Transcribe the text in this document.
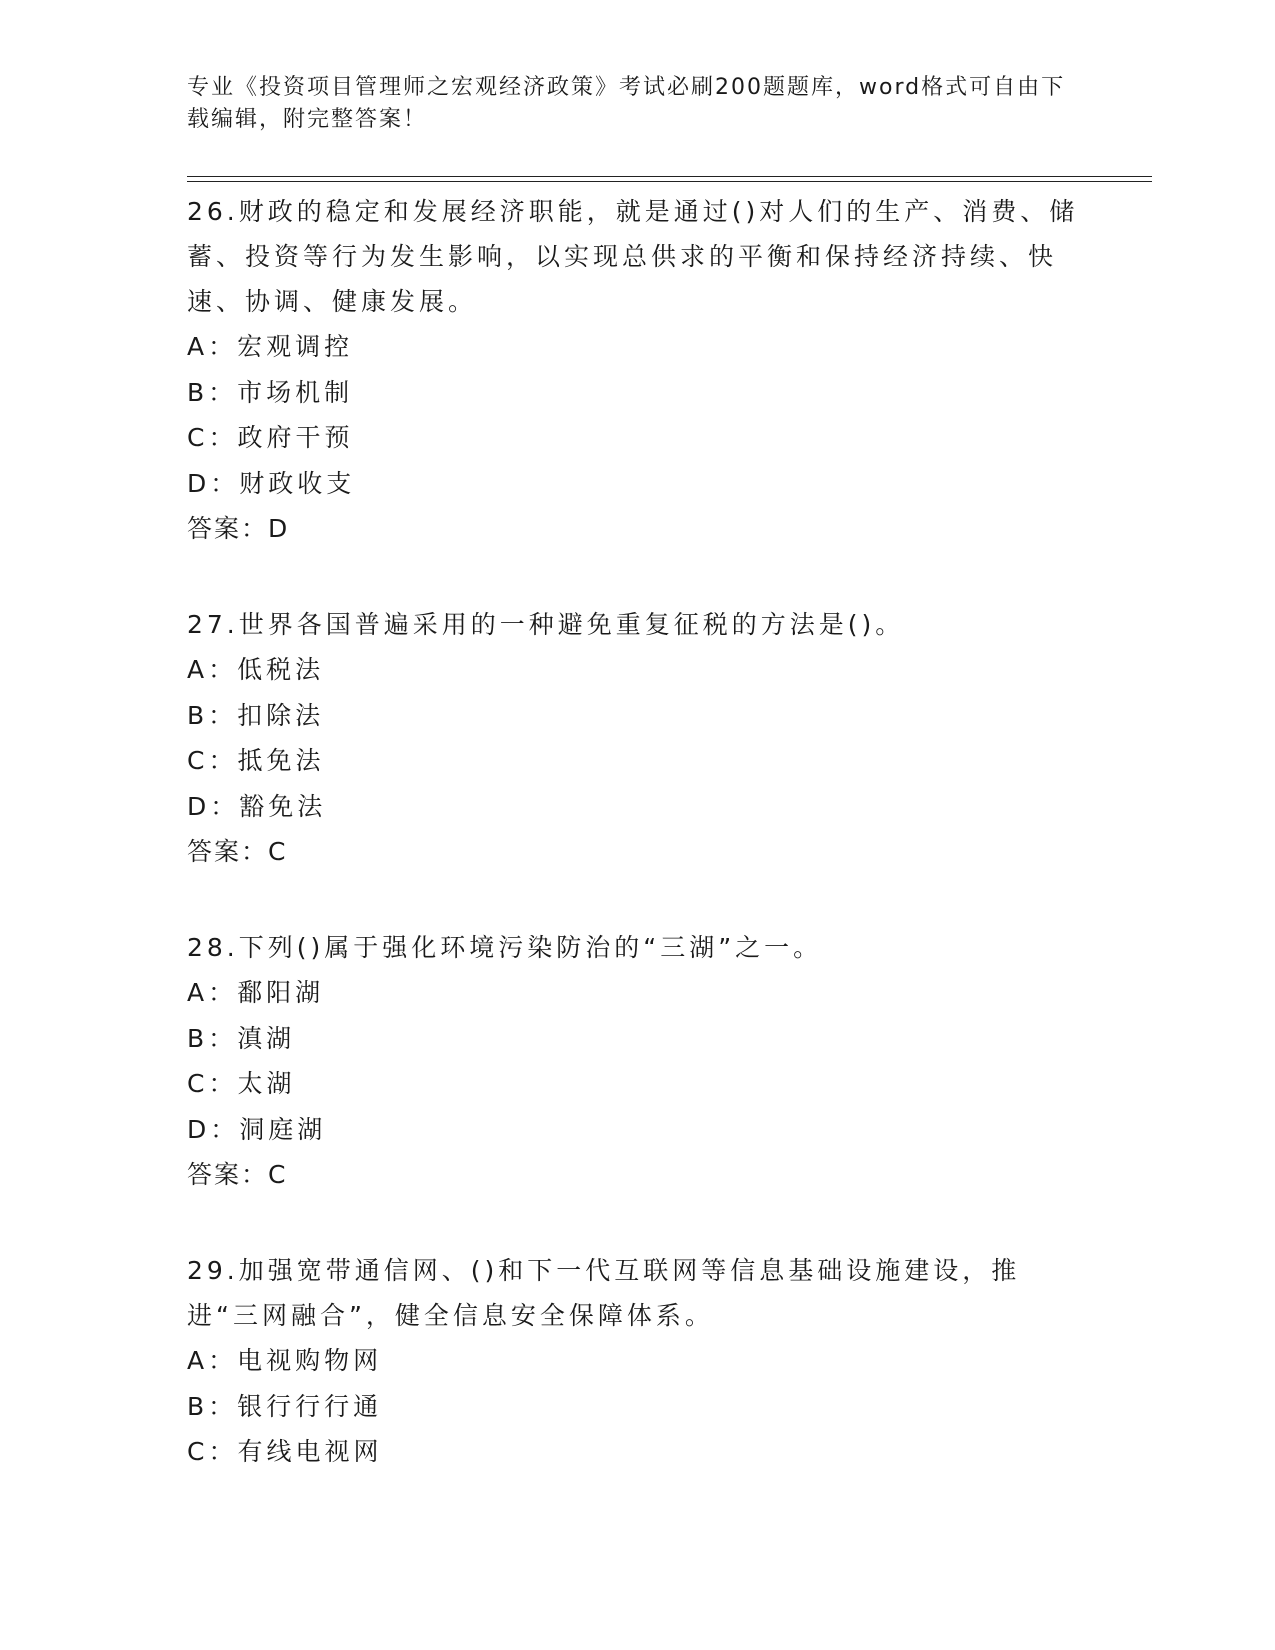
专业《投资项目管理师之宏观经济政策》考试必刷200题题库，word格式可自由下载编辑，附完整答案！

26.财政的稳定和发展经济职能，就是通过()对人们的生产、消费、储蓄、投资等行为发生影响，以实现总供求的平衡和保持经济持续、快速、协调、健康发展。

A：宏观调控

B：市场机制

C：政府干预

D：财政收支

答案：D

27.世界各国普遍采用的一种避免重复征税的方法是()。

A：低税法

B：扣除法

C：抵免法

D：豁免法

答案：C

28.下列()属于强化环境污染防治的“三湖”之一。

A：鄱阳湖

B：滇湖

C：太湖

D：洞庭湖

答案：C

29.加强宽带通信网、()和下一代互联网等信息基础设施建设，推进“三网融合”，健全信息安全保障体系。

A：电视购物网

B：银行行行通

C：有线电视网
